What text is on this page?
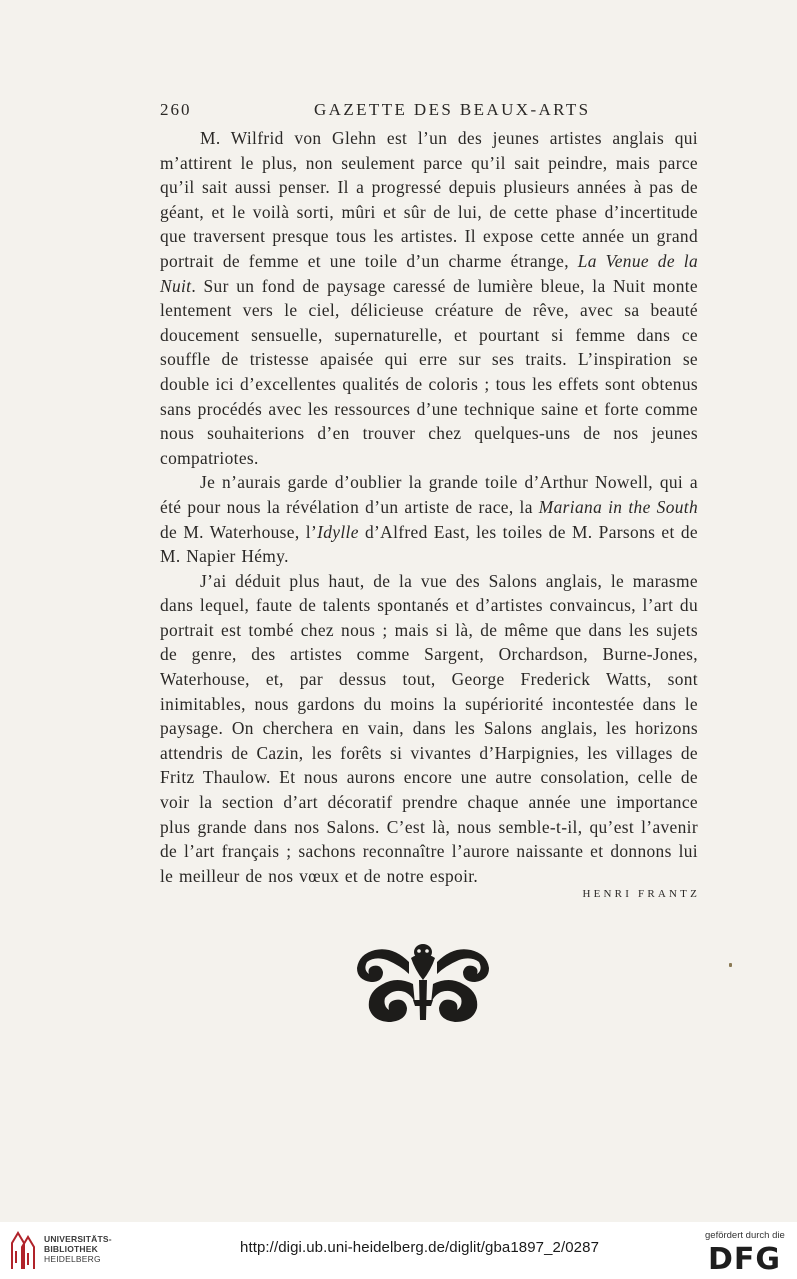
260	GAZETTE DES BEAUX-ARTS

M. Wilfrid von Glehn est l’un des jeunes artistes anglais qui m’attirent le plus, non seulement parce qu’il sait peindre, mais parce qu’il sait aussi penser. Il a progressé depuis plusieurs années à pas de géant, et le voilà sorti, mûri et sûr de lui, de cette phase d’incertitude que traversent presque tous les artistes. Il expose cette année un grand portrait de femme et une toile d’un charme étrange, La Venue de la Nuit. Sur un fond de paysage caressé de lumière bleue, la Nuit monte lentement vers le ciel, délicieuse créature de rêve, avec sa beauté doucement sensuelle, supernaturelle, et pourtant si femme dans ce souffle de tristesse apaisée qui erre sur ses traits. L’inspiration se double ici d’excellentes qualités de coloris ; tous les effets sont obtenus sans procédés avec les ressources d’une technique saine et forte comme nous souhaiterions d’en trouver chez quelques-uns de nos jeunes compatriotes.

Je n’aurais garde d’oublier la grande toile d’Arthur Nowell, qui a été pour nous la révélation d’un artiste de race, la Mariana in the South de M. Waterhouse, l’Idylle d’Alfred East, les toiles de M. Parsons et de M. Napier Hémy.

J’ai déduit plus haut, de la vue des Salons anglais, le marasme dans lequel, faute de talents spontanés et d’artistes convaincus, l’art du portrait est tombé chez nous ; mais si là, de même que dans les sujets de genre, des artistes comme Sargent, Orchardson, Burne-Jones, Waterhouse, et, par dessus tout, George Frederick Watts, sont inimitables, nous gardons du moins la supériorité incontestée dans le paysage. On cherchera en vain, dans les Salons anglais, les horizons attendris de Cazin, les forêts si vivantes d’Harpignies, les villages de Fritz Thaulow. Et nous aurons encore une autre consolation, celle de voir la section d’art décoratif prendre chaque année une importance plus grande dans nos Salons. C’est là, nous semble-t-il, qu’est l’avenir de l’art français ; sachons reconnaître l’aurore naissante et donnons lui le meilleur de nos vœux et de notre espoir.

HENRI FRANTZ
UNIVERSITÄTS-
BIBLIOTHEK
HEIDELBERG
http://digi.ub.uni-heidelberg.de/diglit/gba1897_2/0287
gefördert durch die
DFG
